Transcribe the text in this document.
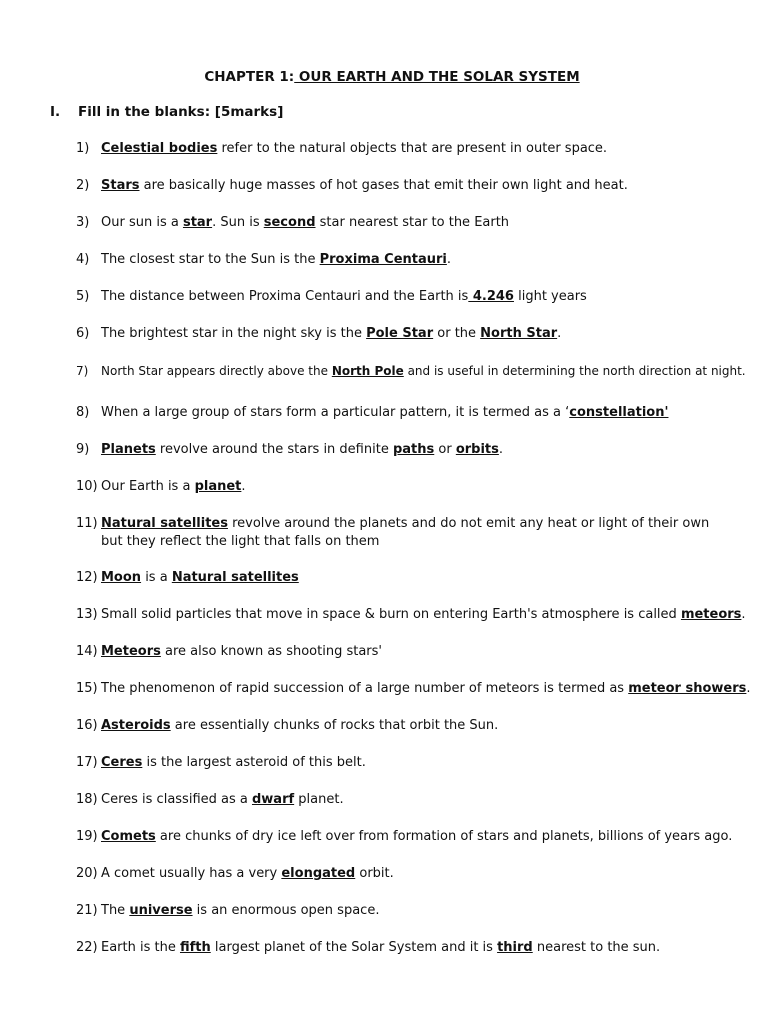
CHAPTER 1: OUR EARTH AND THE SOLAR SYSTEM
I. Fill in the blanks: [5marks]
1) Celestial bodies refer to the natural objects that are present in outer space.
2) Stars are basically huge masses of hot gases that emit their own light and heat.
3) Our sun is a star. Sun is second star nearest star to the Earth
4) The closest star to the Sun is the Proxima Centauri.
5) The distance between Proxima Centauri and the Earth is 4.246 light years
6) The brightest star in the night sky is the Pole Star or the North Star.
7) North Star appears directly above the North Pole and is useful in determining the north direction at night.
8) When a large group of stars form a particular pattern, it is termed as a ‘constellation'
9) Planets revolve around the stars in definite paths or orbits.
10) Our Earth is a planet.
11) Natural satellites revolve around the planets and do not emit any heat or light of their own but they reflect the light that falls on them
12) Moon is a Natural satellites
13) Small solid particles that move in space & burn on entering Earth's atmosphere is called meteors.
14) Meteors are also known as shooting stars'
15) The phenomenon of rapid succession of a large number of meteors is termed as meteor showers.
16) Asteroids are essentially chunks of rocks that orbit the Sun.
17) Ceres is the largest asteroid of this belt.
18) Ceres is classified as a dwarf planet.
19) Comets are chunks of dry ice left over from formation of stars and planets, billions of years ago.
20) A comet usually has a very elongated orbit.
21) The universe is an enormous open space.
22) Earth is the fifth largest planet of the Solar System and it is third nearest to the sun.
